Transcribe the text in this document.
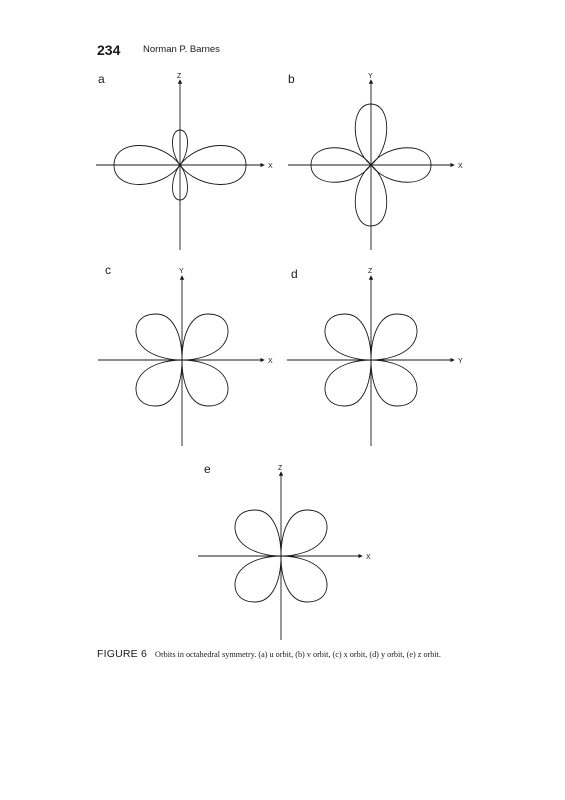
234 Norman P. Barnes
a	b
c	d
e
X
Z
X
Y
X
Y
Y
Z
X
Z
FIGURE 6 Orbits in octahedral symmetry. (a) u orbit, (b) v orbit, (c) x orbit, (d) y orbit, (e) z orbit.
